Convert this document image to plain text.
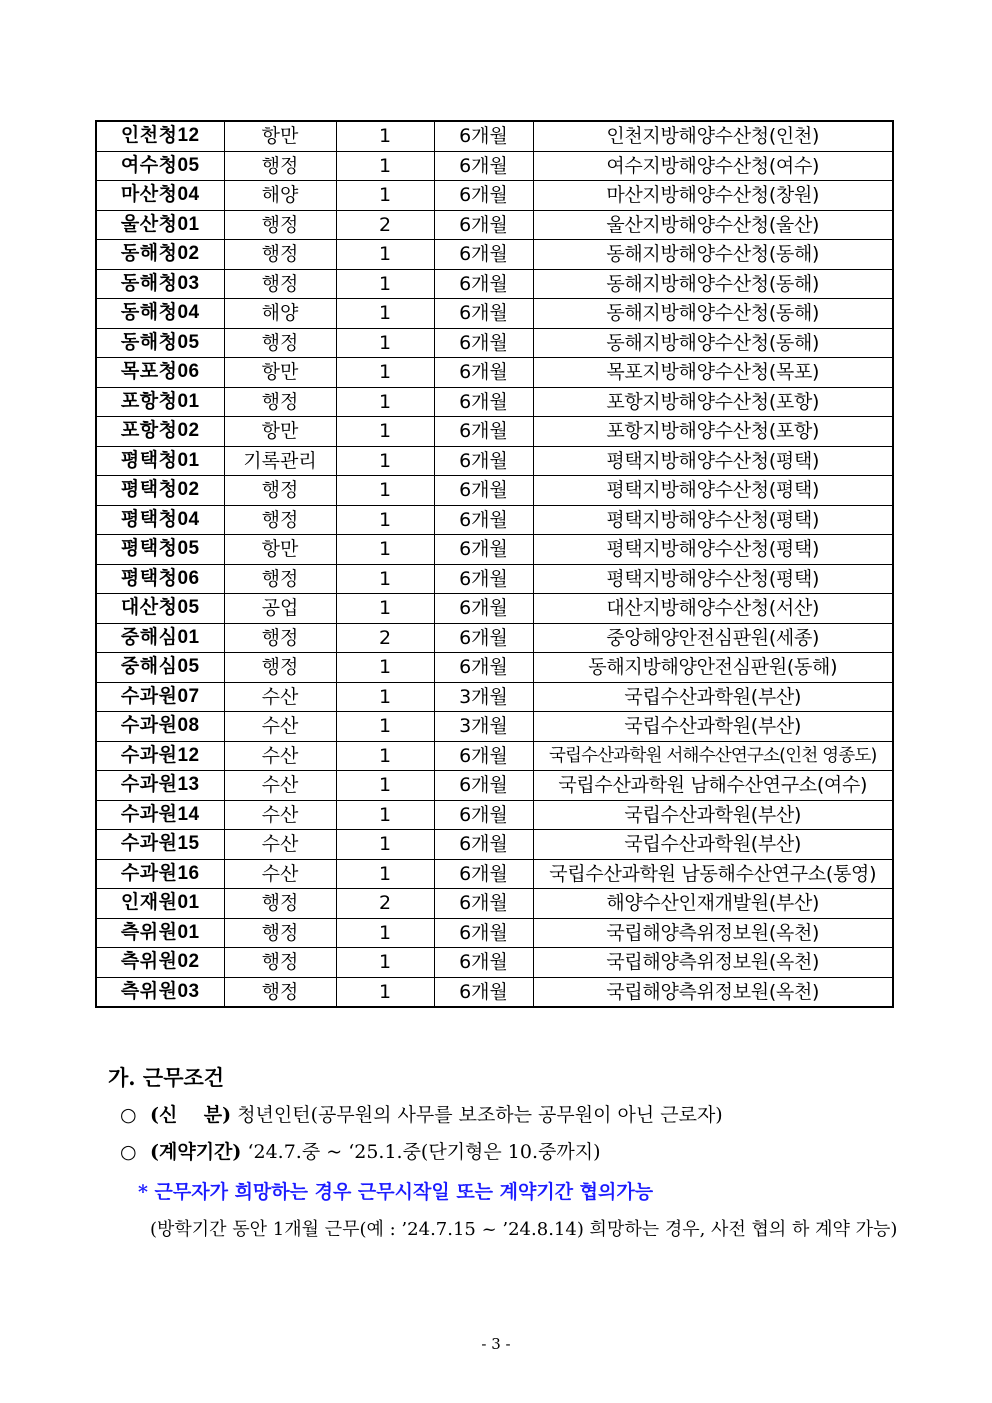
인천청12	항만	1	6개월	인천지방해양수산청(인천)
여수청05	행정	1	6개월	여수지방해양수산청(여수)
마산청04	해양	1	6개월	마산지방해양수산청(창원)
울산청01	행정	2	6개월	울산지방해양수산청(울산)
동해청02	행정	1	6개월	동해지방해양수산청(동해)
동해청03	행정	1	6개월	동해지방해양수산청(동해)
동해청04	해양	1	6개월	동해지방해양수산청(동해)
동해청05	행정	1	6개월	동해지방해양수산청(동해)
목포청06	항만	1	6개월	목포지방해양수산청(목포)
포항청01	행정	1	6개월	포항지방해양수산청(포항)
포항청02	항만	1	6개월	포항지방해양수산청(포항)
평택청01	기록관리	1	6개월	평택지방해양수산청(평택)
평택청02	행정	1	6개월	평택지방해양수산청(평택)
평택청04	행정	1	6개월	평택지방해양수산청(평택)
평택청05	항만	1	6개월	평택지방해양수산청(평택)
평택청06	행정	1	6개월	평택지방해양수산청(평택)
대산청05	공업	1	6개월	대산지방해양수산청(서산)
중해심01	행정	2	6개월	중앙해양안전심판원(세종)
중해심05	행정	1	6개월	동해지방해양안전심판원(동해)
수과원07	수산	1	3개월	국립수산과학원(부산)
수과원08	수산	1	3개월	국립수산과학원(부산)
수과원12	수산	1	6개월	국립수산과학원 서해수산연구소(인천 영종도)
수과원13	수산	1	6개월	국립수산과학원 남해수산연구소(여수)
수과원14	수산	1	6개월	국립수산과학원(부산)
수과원15	수산	1	6개월	국립수산과학원(부산)
수과원16	수산	1	6개월	국립수산과학원 남동해수산연구소(통영)
인재원01	행정	2	6개월	해양수산인재개발원(부산)
측위원01	행정	1	6개월	국립해양측위정보원(옥천)
측위원02	행정	1	6개월	국립해양측위정보원(옥천)
측위원03	행정	1	6개월	국립해양측위정보원(옥천)
가. 근무조건
○ (신    분) 청년인턴(공무원의 사무를 보조하는 공무원이 아닌 근로자)
○ (계약기간) ‘24.7.중 ~ ‘25.1.중(단기형은 10.중까지)
* 근무자가 희망하는 경우 근무시작일 또는 계약기간 협의가능
(방학기간 동안 1개월 근무(예 : ’24.7.15 ~ ’24.8.14) 희망하는 경우, 사전 협의 하 계약 가능)
- 3 -
